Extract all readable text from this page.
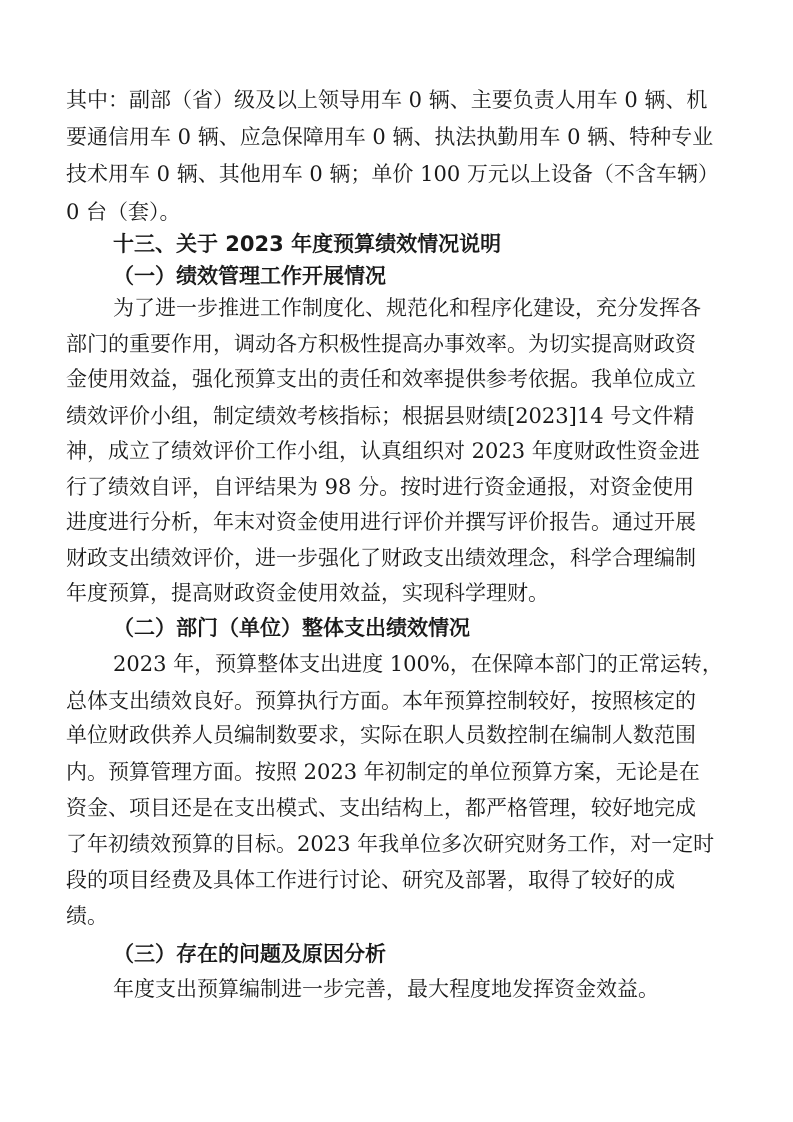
其中：副部（省）级及以上领导用车 0 辆、主要负责人用车 0 辆、机
要通信用车 0 辆、应急保障用车 0 辆、执法执勤用车 0 辆、特种专业
技术用车 0 辆、其他用车 0 辆；单价 100 万元以上设备（不含车辆）
0 台（套）。
十三、关于 2023 年度预算绩效情况说明
（一）绩效管理工作开展情况
为了进一步推进工作制度化、规范化和程序化建设，充分发挥各
部门的重要作用，调动各方积极性提高办事效率。为切实提高财政资
金使用效益，强化预算支出的责任和效率提供参考依据。我单位成立
绩效评价小组，制定绩效考核指标；根据县财绩[2023]14 号文件精
神，成立了绩效评价工作小组，认真组织对 2023 年度财政性资金进
行了绩效自评，自评结果为 98 分。按时进行资金通报，对资金使用
进度进行分析，年末对资金使用进行评价并撰写评价报告。通过开展
财政支出绩效评价，进一步强化了财政支出绩效理念，科学合理编制
年度预算，提高财政资金使用效益，实现科学理财。
（二）部门（单位）整体支出绩效情况
2023 年，预算整体支出进度 100%，在保障本部门的正常运转，
总体支出绩效良好。预算执行方面。本年预算控制较好，按照核定的
单位财政供养人员编制数要求，实际在职人员数控制在编制人数范围
内。预算管理方面。按照 2023 年初制定的单位预算方案，无论是在
资金、项目还是在支出模式、支出结构上，都严格管理，较好地完成
了年初绩效预算的目标。2023 年我单位多次研究财务工作，对一定时
段的项目经费及具体工作进行讨论、研究及部署，取得了较好的成
绩。
（三）存在的问题及原因分析
年度支出预算编制进一步完善，最大程度地发挥资金效益。
